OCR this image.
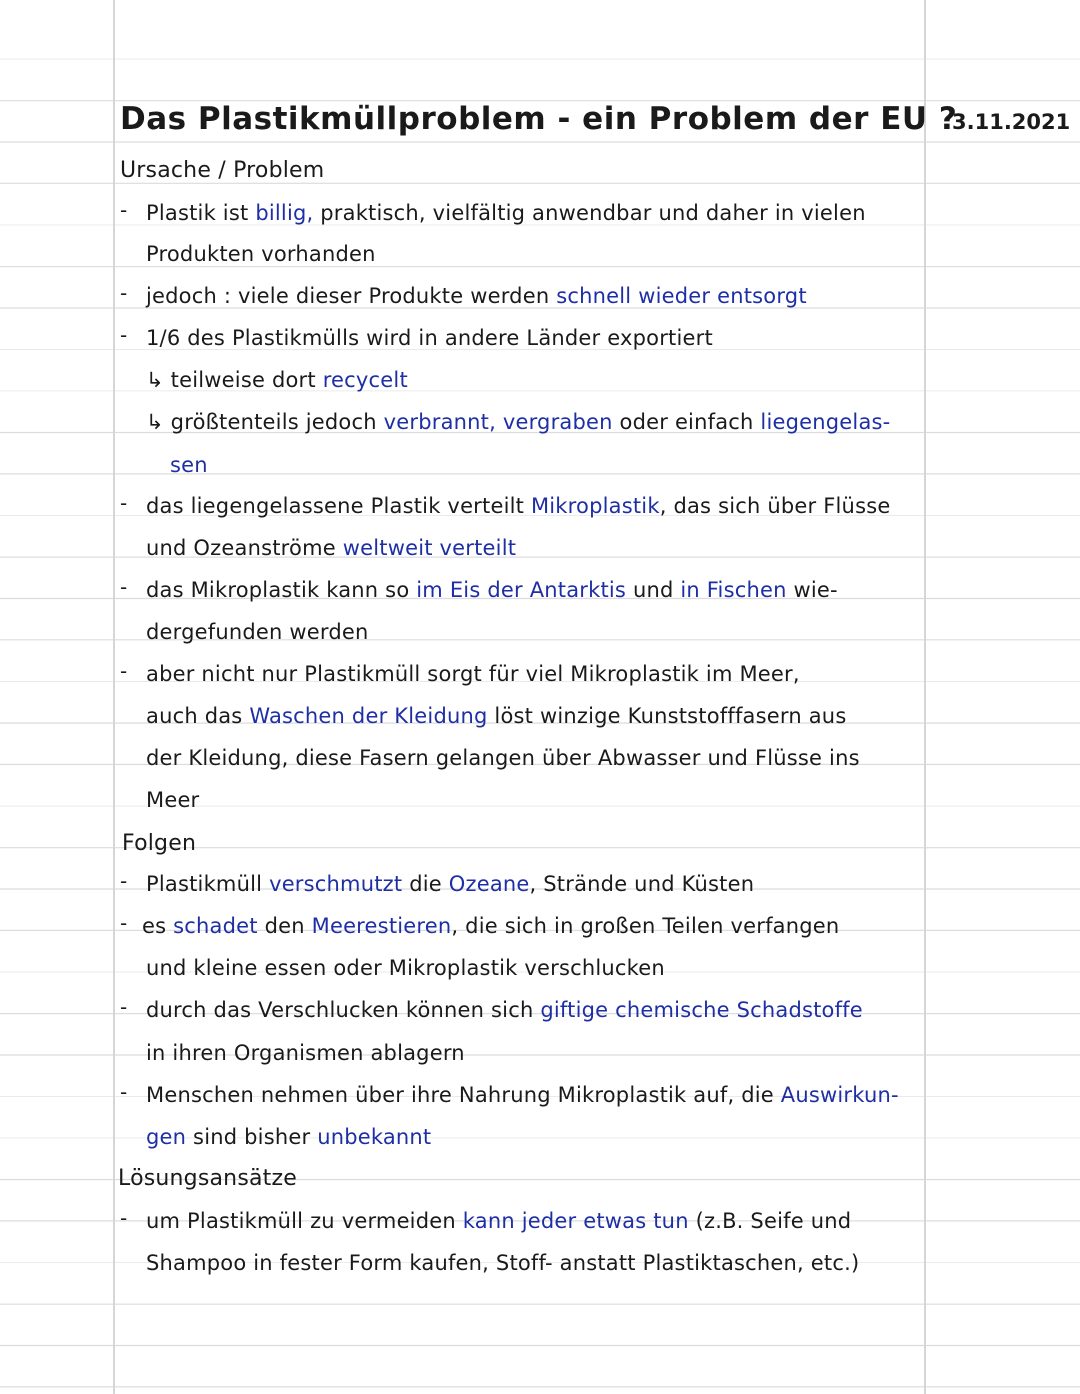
Das Plastikmüllproblem - ein Problem der EU ?
3.11.2021
Ursache / Problem
- Plastik ist billig, praktisch, vielfältig anwendbar und daher in vielen
Produkten vorhanden
- jedoch : viele dieser Produkte werden schnell wieder entsorgt
- 1/6 des Plastikmülls wird in andere Länder exportiert
↳ teilweise dort recycelt
↳ größtenteils jedoch verbrannt, vergraben oder einfach liegengelas-
sen
- das liegengelassene Plastik verteilt Mikroplastik, das sich über Flüsse
und Ozeanströme weltweit verteilt
- das Mikroplastik kann so im Eis der Antarktis und in Fischen wie-
dergefunden werden
- aber nicht nur Plastikmüll sorgt für viel Mikroplastik im Meer,
auch das Waschen der Kleidung löst winzige Kunststofffasern aus
der Kleidung, diese Fasern gelangen über Abwasser und Flüsse ins
Meer
Folgen
- Plastikmüll verschmutzt die Ozeane, Strände und Küsten
- es schadet den Meerestieren, die sich in großen Teilen verfangen
und kleine essen oder Mikroplastik verschlucken
- durch das Verschlucken können sich giftige chemische Schadstoffe
in ihren Organismen ablagern
- Menschen nehmen über ihre Nahrung Mikroplastik auf, die Auswirkun-
gen sind bisher unbekannt
Lösungsansätze
- um Plastikmüll zu vermeiden kann jeder etwas tun (z.B. Seife und
Shampoo in fester Form kaufen, Stoff- anstatt Plastiktaschen, etc.)
